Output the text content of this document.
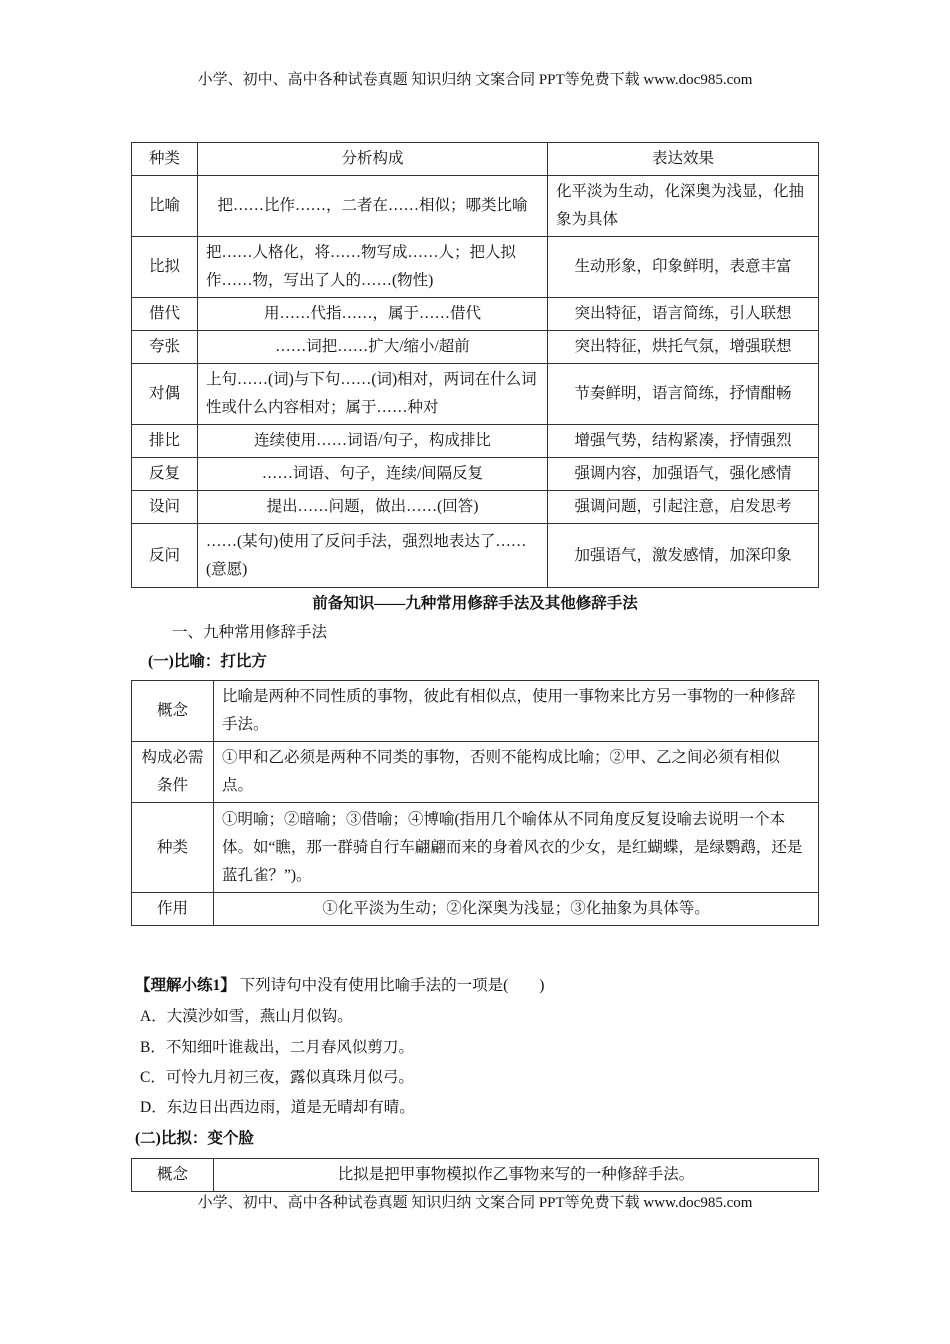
小学、初中、高中各种试卷真题 知识归纳 文案合同 PPT等免费下载 www.doc985.com
种类	分析构成	表达效果
比喻	把……比作……，二者在……相似；哪类比喻	化平淡为生动，化深奥为浅显，化抽象为具体
比拟	把……人格化，将……物写成……人；把人拟作……物，写出了人的……(物性)	生动形象，印象鲜明，表意丰富
借代	用……代指……，属于……借代	突出特征，语言简练，引人联想
夸张	……词把……扩大/缩小/超前	突出特征，烘托气氛，增强联想
对偶	上句……(词)与下句……(词)相对，两词在什么词性或什么内容相对；属于……种对	节奏鲜明，语言简练，抒情酣畅
排比	连续使用……词语/句子，构成排比	增强气势，结构紧凑，抒情强烈
反复	……词语、句子，连续/间隔反复	强调内容，加强语气，强化感情
设问	提出……问题，做出……(回答)	强调问题，引起注意，启发思考
反问	……(某句)使用了反问手法，强烈地表达了……(意愿)	加强语气，激发感情，加深印象
前备知识——九种常用修辞手法及其他修辞手法
一、九种常用修辞手法
(一)比喻：打比方
概念	比喻是两种不同性质的事物，彼此有相似点，使用一事物来比方另一事物的一种修辞手法。
构成必需条件	①甲和乙必须是两种不同类的事物，否则不能构成比喻；②甲、乙之间必须有相似点。
种类	①明喻；②暗喻；③借喻；④博喻(指用几个喻体从不同角度反复设喻去说明一个本体。如“瞧，那一群骑自行车翩翩而来的身着风衣的少女，是红蝴蝶，是绿鹦鹉，还是蓝孔雀？”)。
作用	①化平淡为生动；②化深奥为浅显；③化抽象为具体等。
【理解小练1】 下列诗句中没有使用比喻手法的一项是(　　)
A．大漠沙如雪，燕山月似钩。
B．不知细叶谁裁出，二月春风似剪刀。
C．可怜九月初三夜，露似真珠月似弓。
D．东边日出西边雨，道是无晴却有晴。
(二)比拟：变个脸
概念	比拟是把甲事物模拟作乙事物来写的一种修辞手法。
小学、初中、高中各种试卷真题 知识归纳 文案合同 PPT等免费下载 www.doc985.com
